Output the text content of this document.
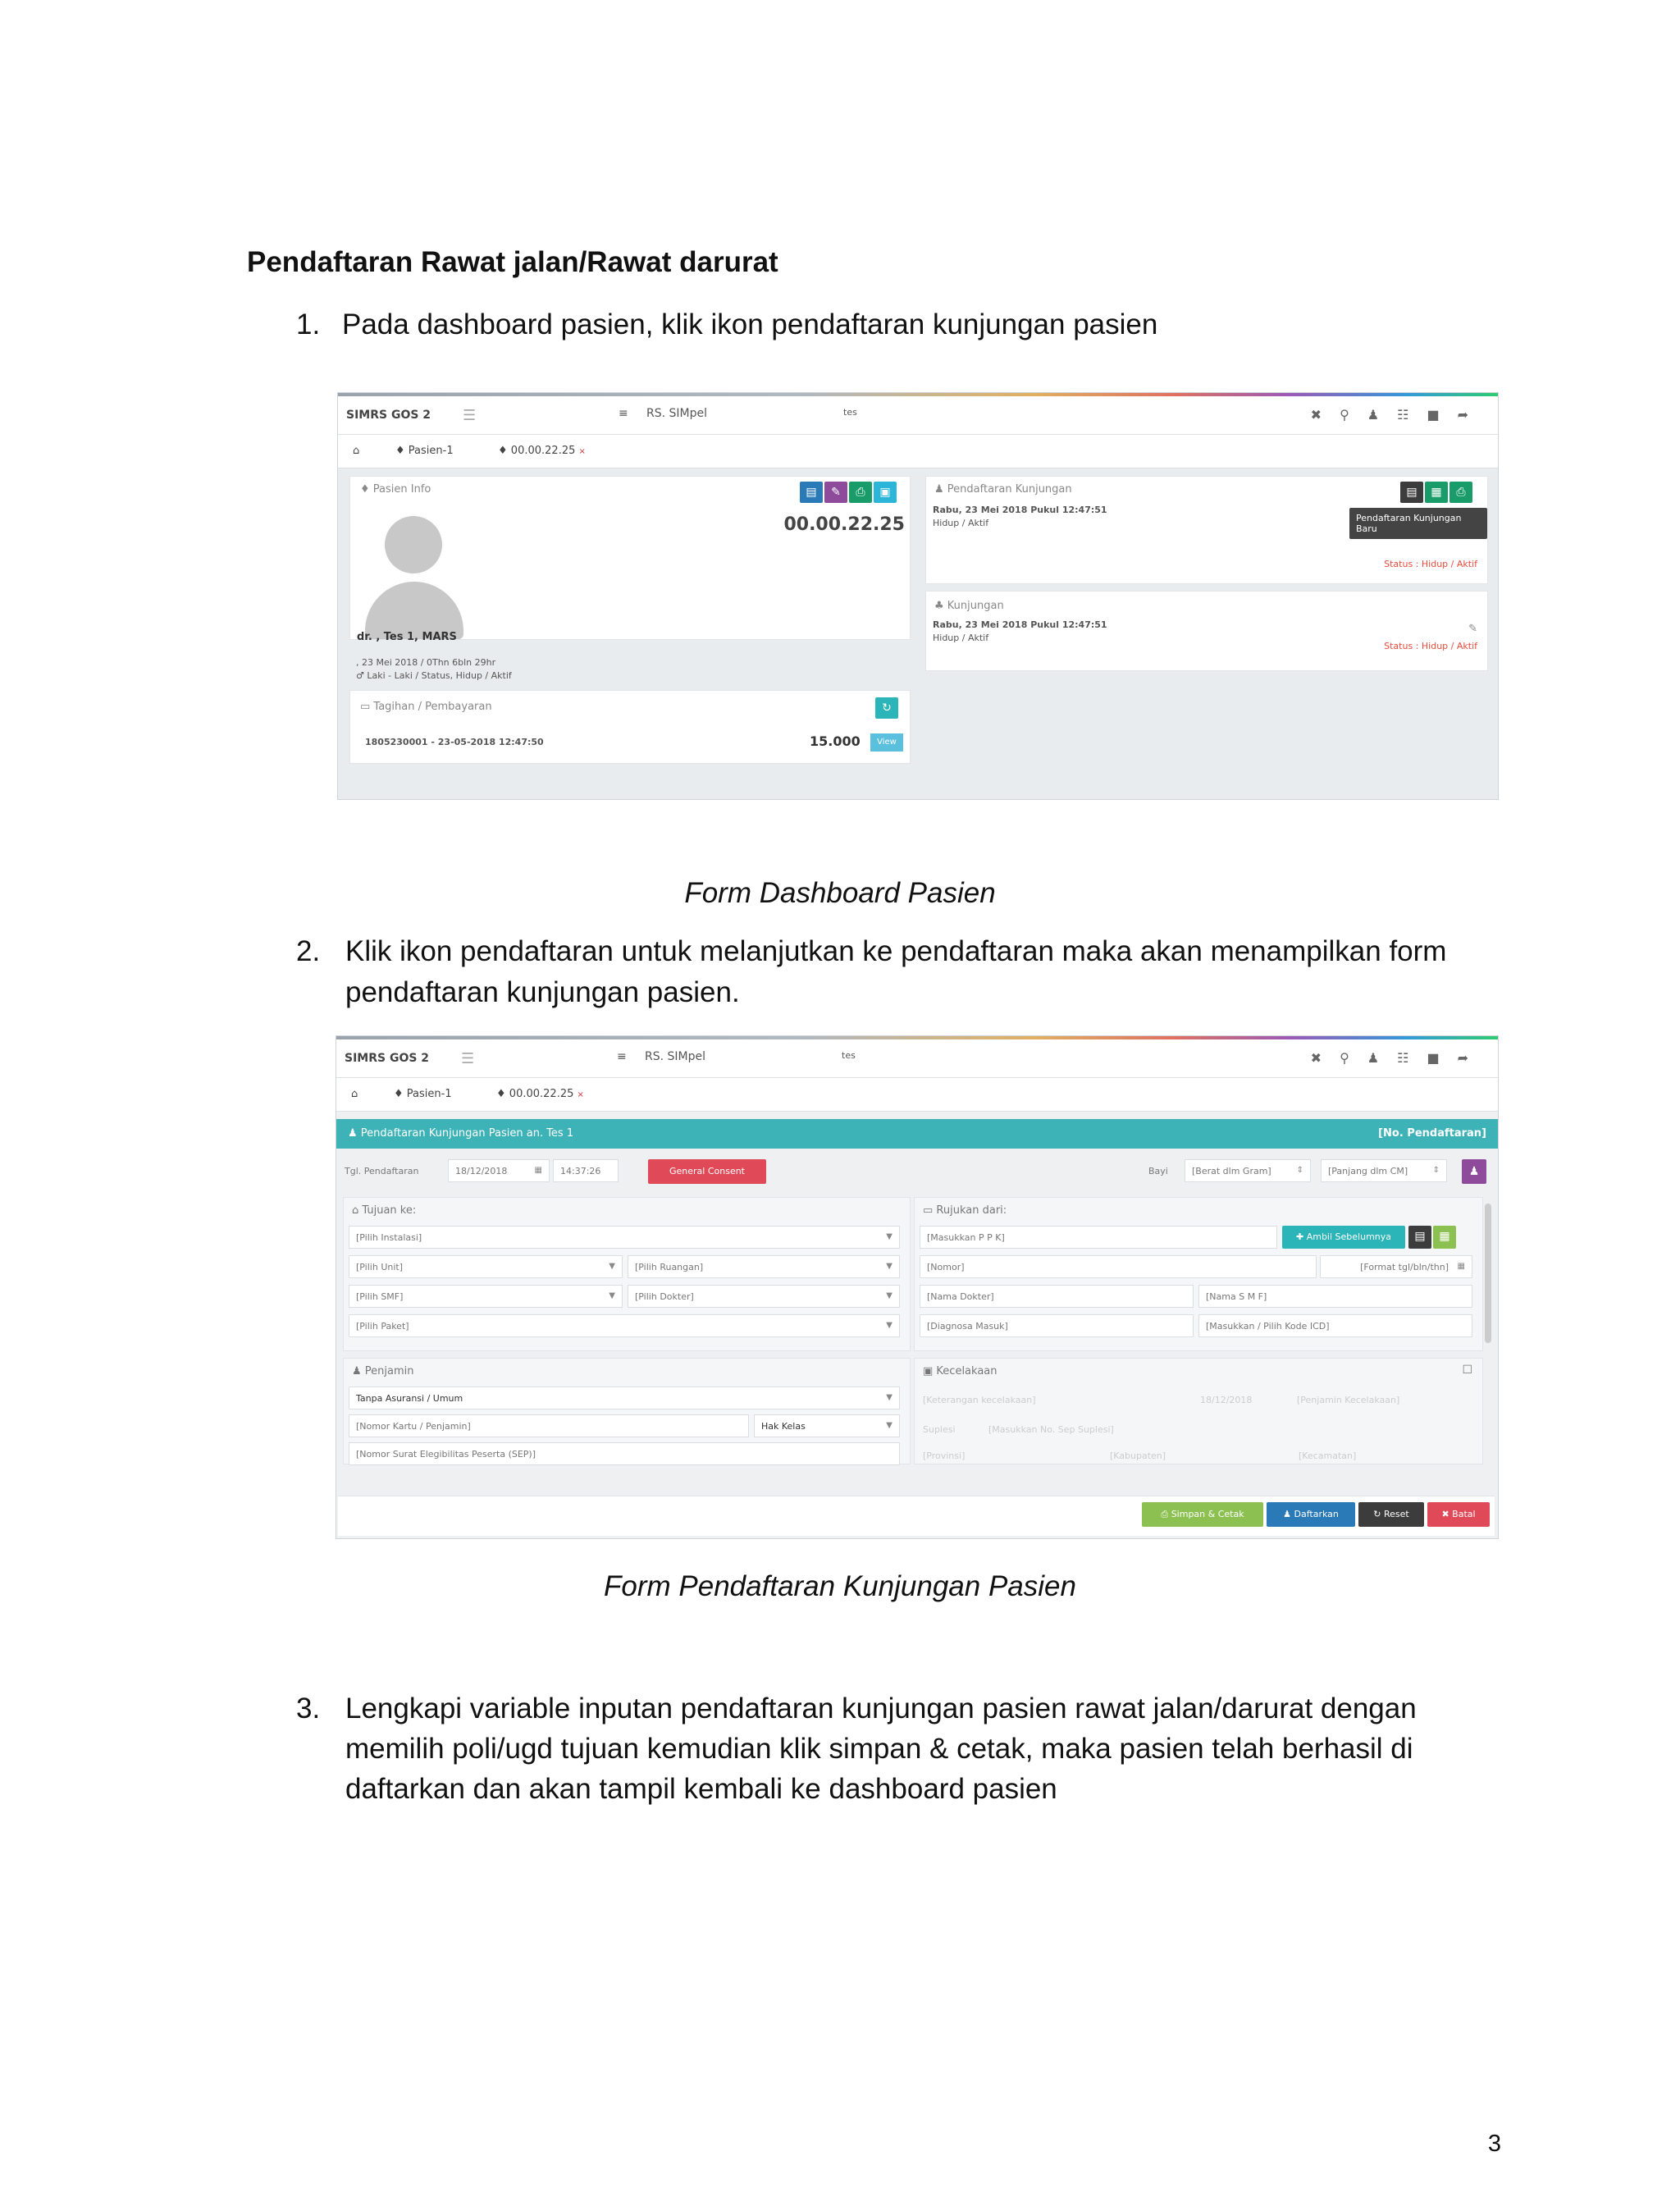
Pendaftaran Rawat jalan/Rawat darurat
1. Pada dashboard pasien, klik ikon pendaftaran kunjungan pasien
SIMRS GOS 2 ☰	≡ RS. SIMpel	tes	✖⚲♟☷■➦
⌂	♦ Pasien-1	♦ 00.00.22.25 ×
♦ Pasien Info	▤	✎	⎙	▣
00.00.22.25
dr. , Tes 1, MARS
, 23 Mei 2018 / 0Thn 6bln 29hr
♂ Laki - Laki / Status, Hidup / Aktif
▭ Tagihan / Pembayaran	↻
1805230001 - 23-05-2018 12:47:50	15.000	View
♟ Pendaftaran Kunjungan	▤	▦	⎙
Pendaftaran Kunjungan Baru
Rabu, 23 Mei 2018 Pukul 12:47:51
Hidup / Aktif
Status : Hidup / Aktif
♣ Kunjungan
Rabu, 23 Mei 2018 Pukul 12:47:51
Hidup / Aktif
✎
Status : Hidup / Aktif
Form Dashboard Pasien
2. Klik ikon pendaftaran untuk melanjutkan ke pendaftaran maka akan menampilkan form pendaftaran kunjungan pasien.
SIMRS GOS 2 ☰	≡ RS. SIMpel	tes	✖⚲♟☷■➦
⌂	♦ Pasien-1	♦ 00.00.22.25 ×
♟ Pendaftaran Kunjungan Pasien an. Tes 1	[No. Pendaftaran]
Tgl. Pendaftaran	18/12/2018	▦	14:37:26	General Consent	Bayi	[Berat dlm Gram]	⇕	[Panjang dlm CM]	⇕	♟
⌂ Tujuan ke:
[Pilih Instalasi]	▼
[Pilih Unit]	▼	[Pilih Ruangan]	▼
[Pilih SMF]	▼	[Pilih Dokter]	▼
[Pilih Paket]	▼
▭ Rujukan dari:
[Masukkan P P K]	✚ Ambil Sebelumnya	▤	▦
[Nomor]	[Format tgl/bln/thn] ▦
[Nama Dokter]	[Nama S M F]
[Diagnosa Masuk]	[Masukkan / Pilih Kode ICD]
♟ Penjamin
Tanpa Asuransi / Umum	▼
[Nomor Kartu / Penjamin]	Hak Kelas	▼
[Nomor Surat Elegibilitas Peserta (SEP)]
▣ Kecelakaan	☐
[Keterangan kecelakaan]	18/12/2018	[Penjamin Kecelakaan]
Suplesi	[Masukkan No. Sep Suplesi]
[Provinsi]	[Kabupaten]	[Kecamatan]
⎙ Simpan & Cetak	♟ Daftarkan	↻ Reset	✖ Batal
Form Pendaftaran Kunjungan Pasien
3. Lengkapi variable inputan pendaftaran kunjungan pasien rawat jalan/darurat dengan memilih poli/ugd tujuan kemudian klik simpan & cetak, maka pasien telah berhasil di daftarkan dan akan tampil kembali ke dashboard pasien
3
